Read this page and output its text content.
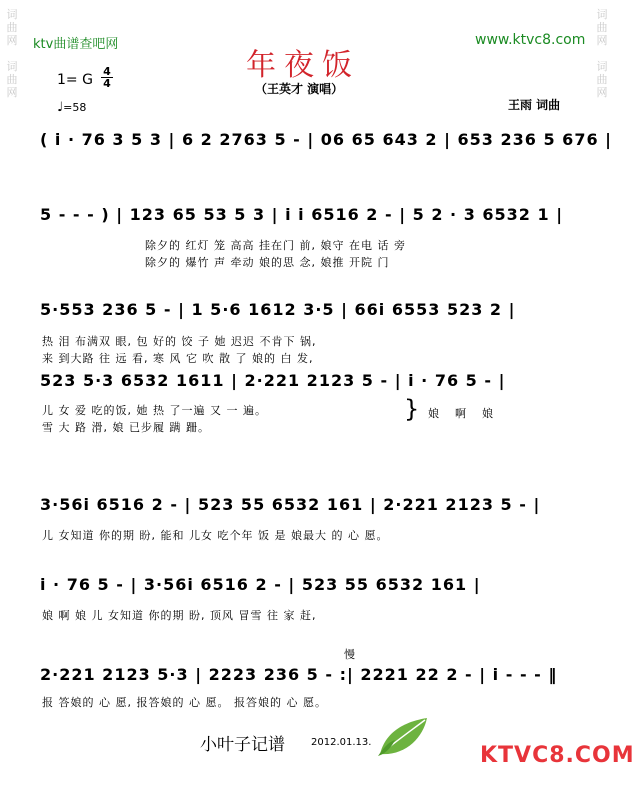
词
曲
网

词
曲
网
词
曲
网

词
曲
网
ktv曲谱查吧网	www.ktvc8.com
年夜饭
（王英才 演唱）
1= G
4
4
♩=58	王雨 词曲
( i · 76 3 5 3 | 6 2 2763 5 - | 06 65 643 2 | 653 236 5 676 |
5 - - - ) | 123 65 53 5 3 | i i 6516 2 - | 5 2 · 3 6532 1 |
除夕的 红灯 笼 高高 挂在门 前, 娘守 在电 话 旁
除夕的 爆竹 声 牵动 娘的思 念, 娘推 开院 门
5·553 236 5 - | 1 5·6 1612 3·5 | 66i 6553 523 2 |
热 泪 布满双 眼, 包 好的 饺 子 她 迟迟 不肯下 锅,
来 到大路 往 远 看, 寒 风 它 吹 散 了 娘的 白 发,
523 5·3 6532 1611 | 2·221 2123 5 - | i · 76 5 - |
儿 女 爱 吃的饭, 她 热 了一遍 又 一 遍。
雪 大 路 滑, 娘 已步履 蹒 跚。
} 娘啊娘
3·56i 6516 2 - | 523 55 6532 161 | 2·221 2123 5 - |
儿 女知道 你的期 盼, 能和 儿女 吃个年 饭 是 娘最大 的 心 愿。
i · 76 5 - | 3·56i 6516 2 - | 523 55 6532 161 |
娘 啊 娘 儿 女知道 你的期 盼, 顶风 冒雪 往 家 赶,
慢
2·221 2123 5·3 | 2223 236 5 - :| 2221 22 2 - | i - - - ‖
报 答娘的 心 愿, 报答娘的 心 愿。 报答娘的 心 愿。
小叶子记谱	2012.01.13.
KTVC8.COM
